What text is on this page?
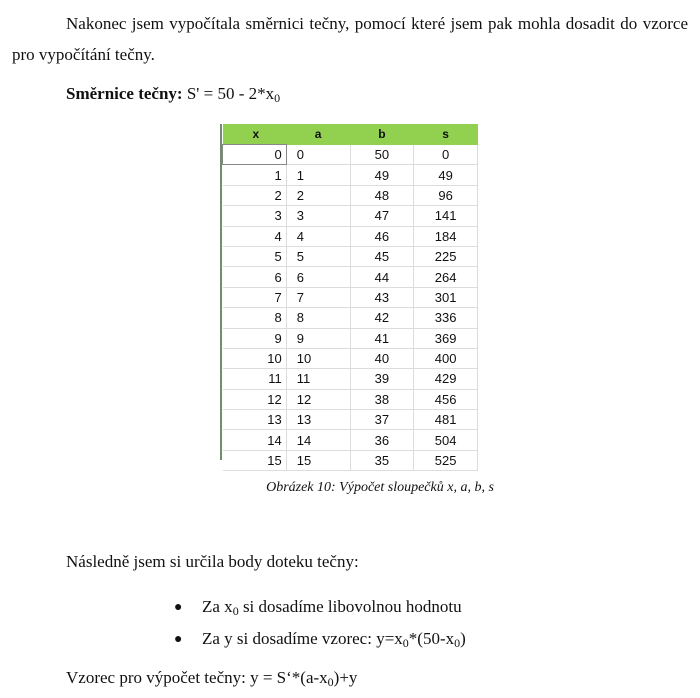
Nakonec jsem vypočítala směrnici tečny, pomocí které jsem pak mohla dosadit do vzorce pro vypočítání tečny.
Směrnice tečny: $S' = 50 - 2*x_0$
x	a	b	s
0	0	50	0
1	1	49	49
2	2	48	96
3	3	47	141
4	4	46	184
5	5	45	225
6	6	44	264
7	7	43	301
8	8	42	336
9	9	41	369
10	10	40	400
11	11	39	429
12	12	38	456
13	13	37	481
14	14	36	504
15	15	35	525
Obrázek 10: Výpočet sloupečků x, a, b, s
Následně jsem si určila body doteku tečny:
●	Za $x_0$ si dosadíme libovolnou hodnotu
●	Za y si dosadíme vzorec: $y=x_0*(50-x_0)$
Vzorec pro výpočet tečny: $y = S‘*(a-x_0)+y$
